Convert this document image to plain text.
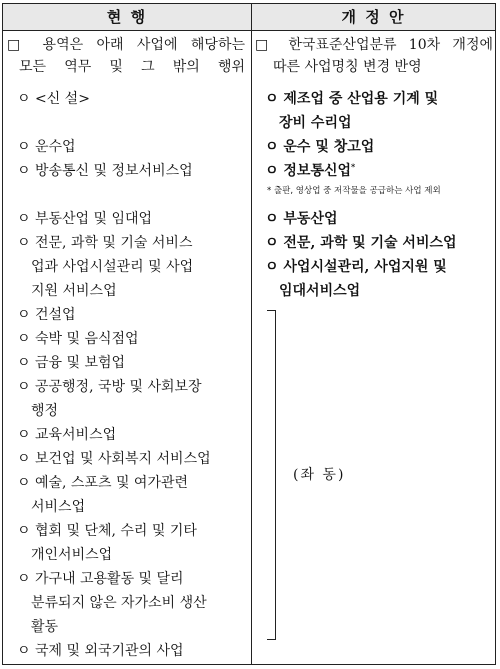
현 행	개 정 안
□ 용역은 아래 사업에 해당하는
모든 역무 및 그 밖의 행위
ㅇ <신 설>
ㅇ 운수업
ㅇ 방송통신 및 정보서비스업
ㅇ 부동산업 및 임대업
ㅇ 전문, 과학 및 기술 서비스
업과 사업시설관리 및 사업
지원 서비스업
ㅇ 건설업
ㅇ 숙박 및 음식점업
ㅇ 금융 및 보험업
ㅇ 공공행정, 국방 및 사회보장
행정
ㅇ 교육서비스업
ㅇ 보건업 및 사회복지 서비스업
ㅇ 예술, 스포츠 및 여가관련
서비스업
ㅇ 협회 및 단체, 수리 및 기타
개인서비스업
ㅇ 가구내 고용활동 및 달리
분류되지 않은 자가소비 생산
활동
ㅇ 국제 및 외국기관의 사업
□ 한국표준산업분류 10차 개정에
따른 사업명칭 변경 반영
ㅇ 제조업 중 산업용 기계 및
장비 수리업
ㅇ 운수 및 창고업
ㅇ 정보통신업*
* 출판, 영상업 중 저작물을 공급하는 사업 제외
ㅇ 부동산업
ㅇ 전문, 과학 및 기술 서비스업
ㅇ 사업시설관리, 사업지원 및
임대서비스업
(좌 동)
